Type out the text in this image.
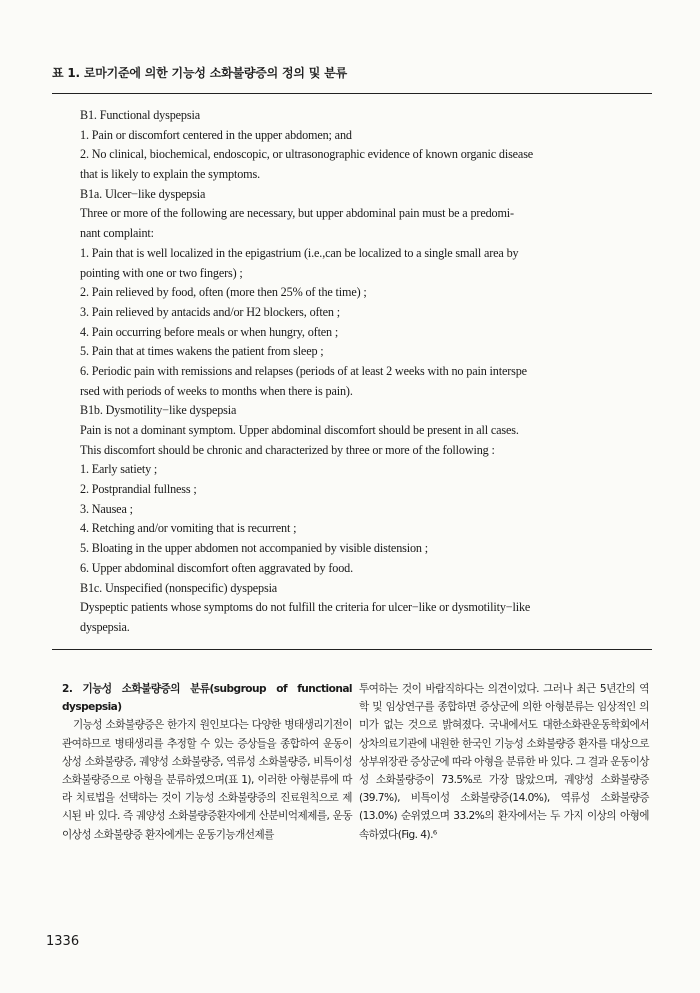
표 1. 로마기준에 의한 기능성 소화불량증의 정의 및 분류
B1. Functional dyspepsia
1. Pain or discomfort centered in the upper abdomen; and
2. No clinical, biochemical, endoscopic, or ultrasonographic evidence of known organic disease
that is likely to explain the symptoms.
B1a. Ulcer−like dyspepsia
Three or more of the following are necessary, but upper abdominal pain must be a predomi-
nant complaint:
1. Pain that is well localized in the epigastrium (i.e.,can be localized to a single small area by
pointing with one or two fingers) ;
2. Pain relieved by food, often (more then 25% of the time) ;
3. Pain relieved by antacids and/or H2 blockers, often ;
4. Pain occurring before meals or when hungry, often ;
5. Pain that at times wakens the patient from sleep ;
6. Periodic pain with remissions and relapses (periods of at least 2 weeks with no pain interspe
rsed with periods of weeks to months when there is pain).
B1b. Dysmotility−like dyspepsia
Pain is not a dominant symptom. Upper abdominal discomfort should be present in all cases.
This discomfort should be chronic and characterized by three or more of the following :
1. Early satiety ;
2. Postprandial fullness ;
3. Nausea ;
4. Retching and/or vomiting that is recurrent ;
5. Bloating in the upper abdomen not accompanied by visible distension ;
6. Upper abdominal discomfort often aggravated by food.
B1c. Unspecified (nonspecific) dyspepsia
Dyspeptic patients whose symptoms do not fulfill the criteria for ulcer−like or dysmotility−like
dyspepsia.

2. 기능성 소화불량증의 분류(subgroup of functional dyspepsia)

기능성 소화불량증은 한가지 원인보다는 다양한 병태생리기전이 관여하므로 병태생리를 추정할 수 있는 증상들을 종합하여 운동이상성 소화불량증, 궤양성 소화불량증, 역류성 소화불량증, 비특이성 소화불량증으로 아형을 분류하였으며(표 1), 이러한 아형분류에 따라 치료법을 선택하는 것이 기능성 소화불량증의 진료원칙으로 제시된 바 있다. 즉 궤양성 소화불량증환자에게 산분비억제제를, 운동이상성 소화불량증 환자에게는 운동기능개선제를

투여하는 것이 바람직하다는 의견이었다. 그러나 최근 5년간의 역학 및 임상연구를 종합하면 증상군에 의한 아형분류는 임상적인 의미가 없는 것으로 밝혀졌다. 국내에서도 대한소화관운동학회에서 상차의료기관에 내원한 한국인 기능성 소화불량증 환자를 대상으로 상부위장관 증상군에 따라 아형을 분류한 바 있다. 그 결과 운동이상성 소화불량증이 73.5%로 가장 많았으며, 궤양성 소화불량증(39.7%), 비특이성 소화불량증(14.0%), 역류성 소화불량증 (13.0%) 순위였으며 33.2%의 환자에서는 두 가지 이상의 아형에 속하였다(Fig. 4).⁶

1336
